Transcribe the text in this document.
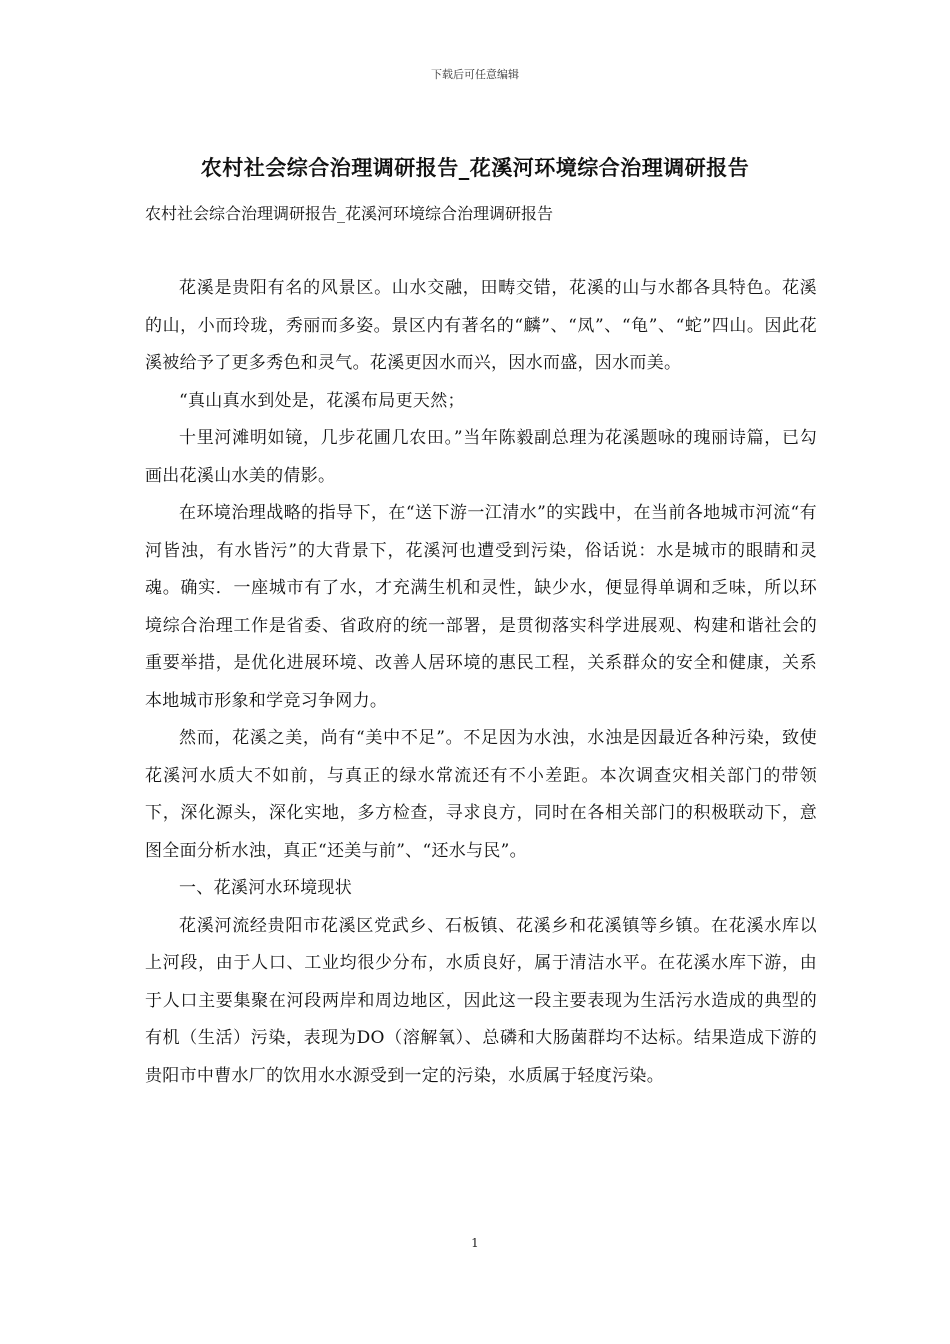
下载后可任意编辑
农村社会综合治理调研报告_花溪河环境综合治理调研报告

农村社会综合治理调研报告_花溪河环境综合治理调研报告

花溪是贵阳有名的风景区。山水交融，田畴交错，花溪的山与水都各具特色。花溪的山，小而玲珑，秀丽而多姿。景区内有著名的“麟”、“凤”、“龟”、“蛇”四山。因此花溪被给予了更多秀色和灵气。花溪更因水而兴，因水而盛，因水而美。

“真山真水到处是，花溪布局更天然；

十里河滩明如镜，几步花圃几农田。”当年陈毅副总理为花溪题咏的瑰丽诗篇，已勾画出花溪山水美的倩影。

在环境治理战略的指导下，在“送下游一江清水”的实践中，在当前各地城市河流“有河皆浊，有水皆污”的大背景下，花溪河也遭受到污染，俗话说：水是城市的眼睛和灵魂。确实．一座城市有了水，才充满生机和灵性，缺少水，便显得单调和乏味，所以环境综合治理工作是省委、省政府的统一部署，是贯彻落实科学进展观、构建和谐社会的重要举措，是优化进展环境、改善人居环境的惠民工程，关系群众的安全和健康，关系本地城市形象和学竞习争网力。

然而，花溪之美，尚有“美中不足”。不足因为水浊，水浊是因最近各种污染，致使花溪河水质大不如前，与真正的绿水常流还有不小差距。本次调查灾相关部门的带领下，深化源头，深化实地，多方检查，寻求良方，同时在各相关部门的积极联动下，意图全面分析水浊，真正“还美与前”、“还水与民”。

一、花溪河水环境现状

花溪河流经贵阳市花溪区党武乡、石板镇、花溪乡和花溪镇等乡镇。在花溪水库以上河段，由于人口、工业均很少分布，水质良好，属于清洁水平。在花溪水库下游，由于人口主要集聚在河段两岸和周边地区，因此这一段主要表现为生活污水造成的典型的有机（生活）污染，表现为DO（溶解氧）、总磷和大肠菌群均不达标。结果造成下游的贵阳市中曹水厂的饮用水水源受到一定的污染，水质属于轻度污染。

1
